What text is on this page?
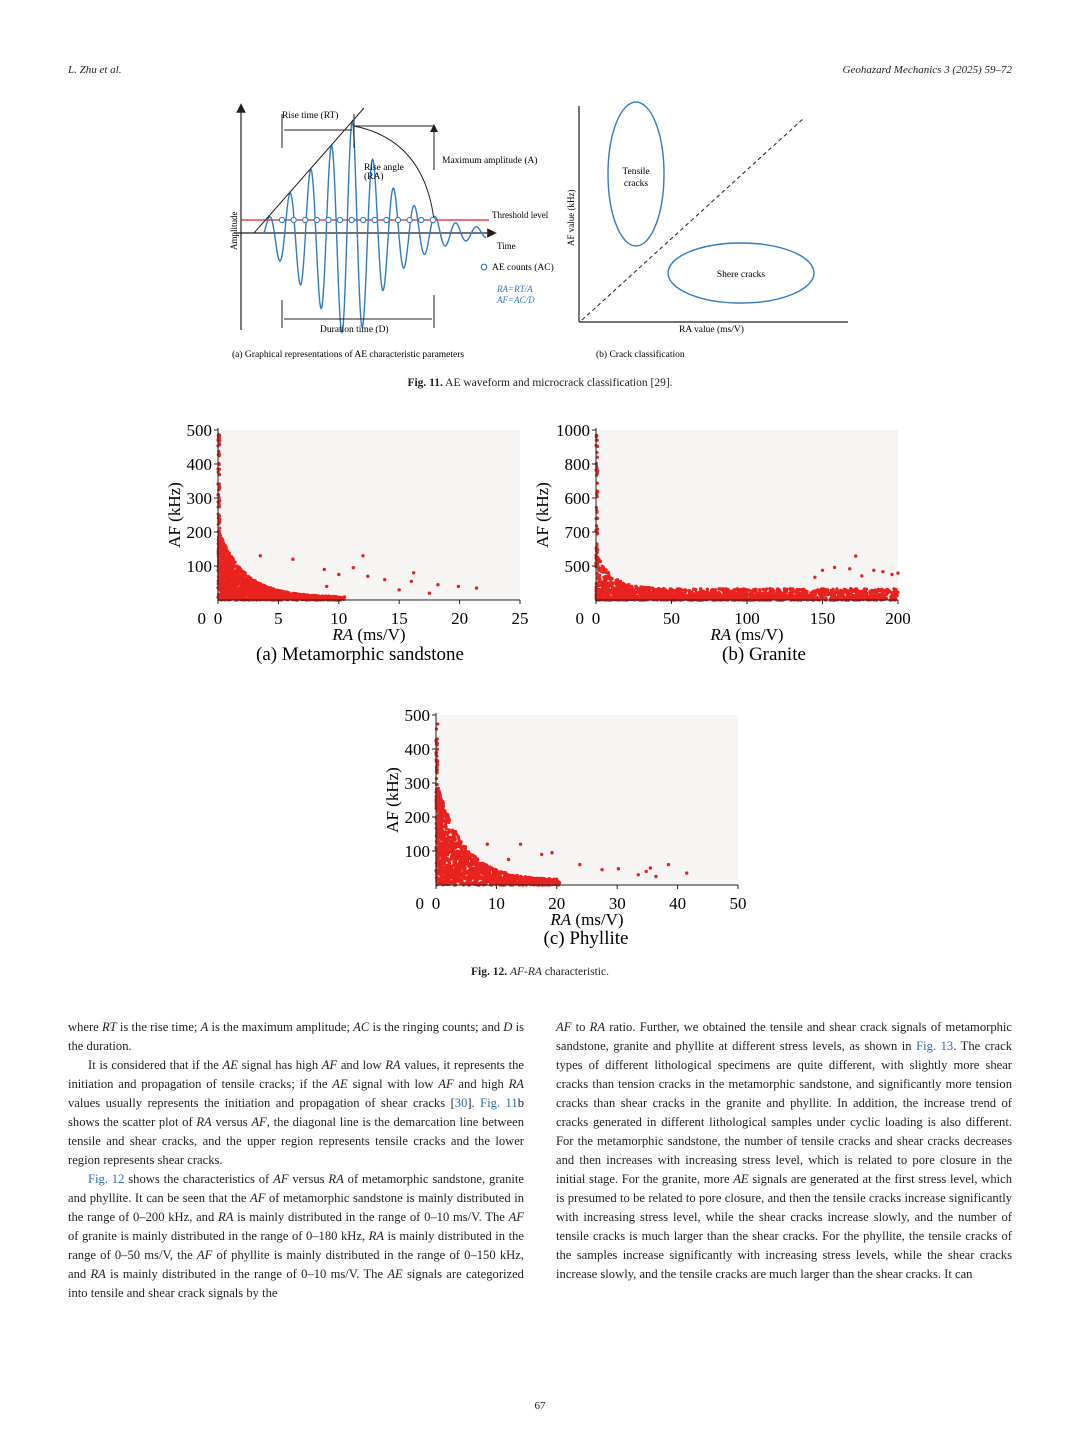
L. Zhu et al.	Geohazard Mechanics 3 (2025) 59–72
Amplitude	Threshold level
Time
Rise time (RT)
Rise angle
(RA)
Maximum amplitude (A)
Duration time (D)
AE counts (AC)
RA=RT/A
AF=AC/D
(a) Graphical representations of AE characteristic parameters
AF value (kHz)
Tensile
cracks
Shere cracks
RA value (ms/V)
(b) Crack classification
Fig. 11. AE waveform and microcrack classification [29].
0	5	10	15	20	25
100
200
300
400
500
0
RA (ms/V)
AF (kHz)
(a) Metamorphic sandstone
0	50	100	150	200
500
700
600
800
1000
0
RA (ms/V)
AF (kHz)
(b) Granite
0	10	20	30	40	50
100
200
300
400
500
0
RA (ms/V)
AF (kHz)
(c) Phyllite
Fig. 12. AF-RA characteristic.

where RT is the rise time; A is the maximum amplitude; AC is the ringing counts; and D is the duration.

It is considered that if the AE signal has high AF and low RA values, it represents the initiation and propagation of tensile cracks; if the AE signal with low AF and high RA values usually represents the initiation and propagation of shear cracks [30]. Fig. 11b shows the scatter plot of RA versus AF, the diagonal line is the demarcation line between tensile and shear cracks, and the upper region represents tensile cracks and the lower region represents shear cracks.

Fig. 12 shows the characteristics of AF versus RA of metamorphic sandstone, granite and phyllite. It can be seen that the AF of metamorphic sandstone is mainly distributed in the range of 0–200 kHz, and RA is mainly distributed in the range of 0–10 ms/V. The AF of granite is mainly distributed in the range of 0–180 kHz, RA is mainly distributed in the range of 0–50 ms/V, the AF of phyllite is mainly distributed in the range of 0–150 kHz, and RA is mainly distributed in the range of 0–10 ms/V. The AE signals are categorized into tensile and shear crack signals by the

AF to RA ratio. Further, we obtained the tensile and shear crack signals of metamorphic sandstone, granite and phyllite at different stress levels, as shown in Fig. 13. The crack types of different lithological specimens are quite different, with slightly more shear cracks than tension cracks in the metamorphic sandstone, and significantly more tension cracks than shear cracks in the granite and phyllite. In addition, the increase trend of cracks generated in different lithological samples under cyclic loading is also different. For the metamorphic sandstone, the number of tensile cracks and shear cracks decreases and then increases with increasing stress level, which is related to pore closure in the initial stage. For the granite, more AE signals are generated at the first stress level, which is presumed to be related to pore closure, and then the tensile cracks increase significantly with increasing stress level, while the shear cracks increase slowly, and the number of tensile cracks is much larger than the shear cracks. For the phyllite, the tensile cracks of the samples increase significantly with increasing stress levels, while the shear cracks increase slowly, and the tensile cracks are much larger than the shear cracks. It can

67
